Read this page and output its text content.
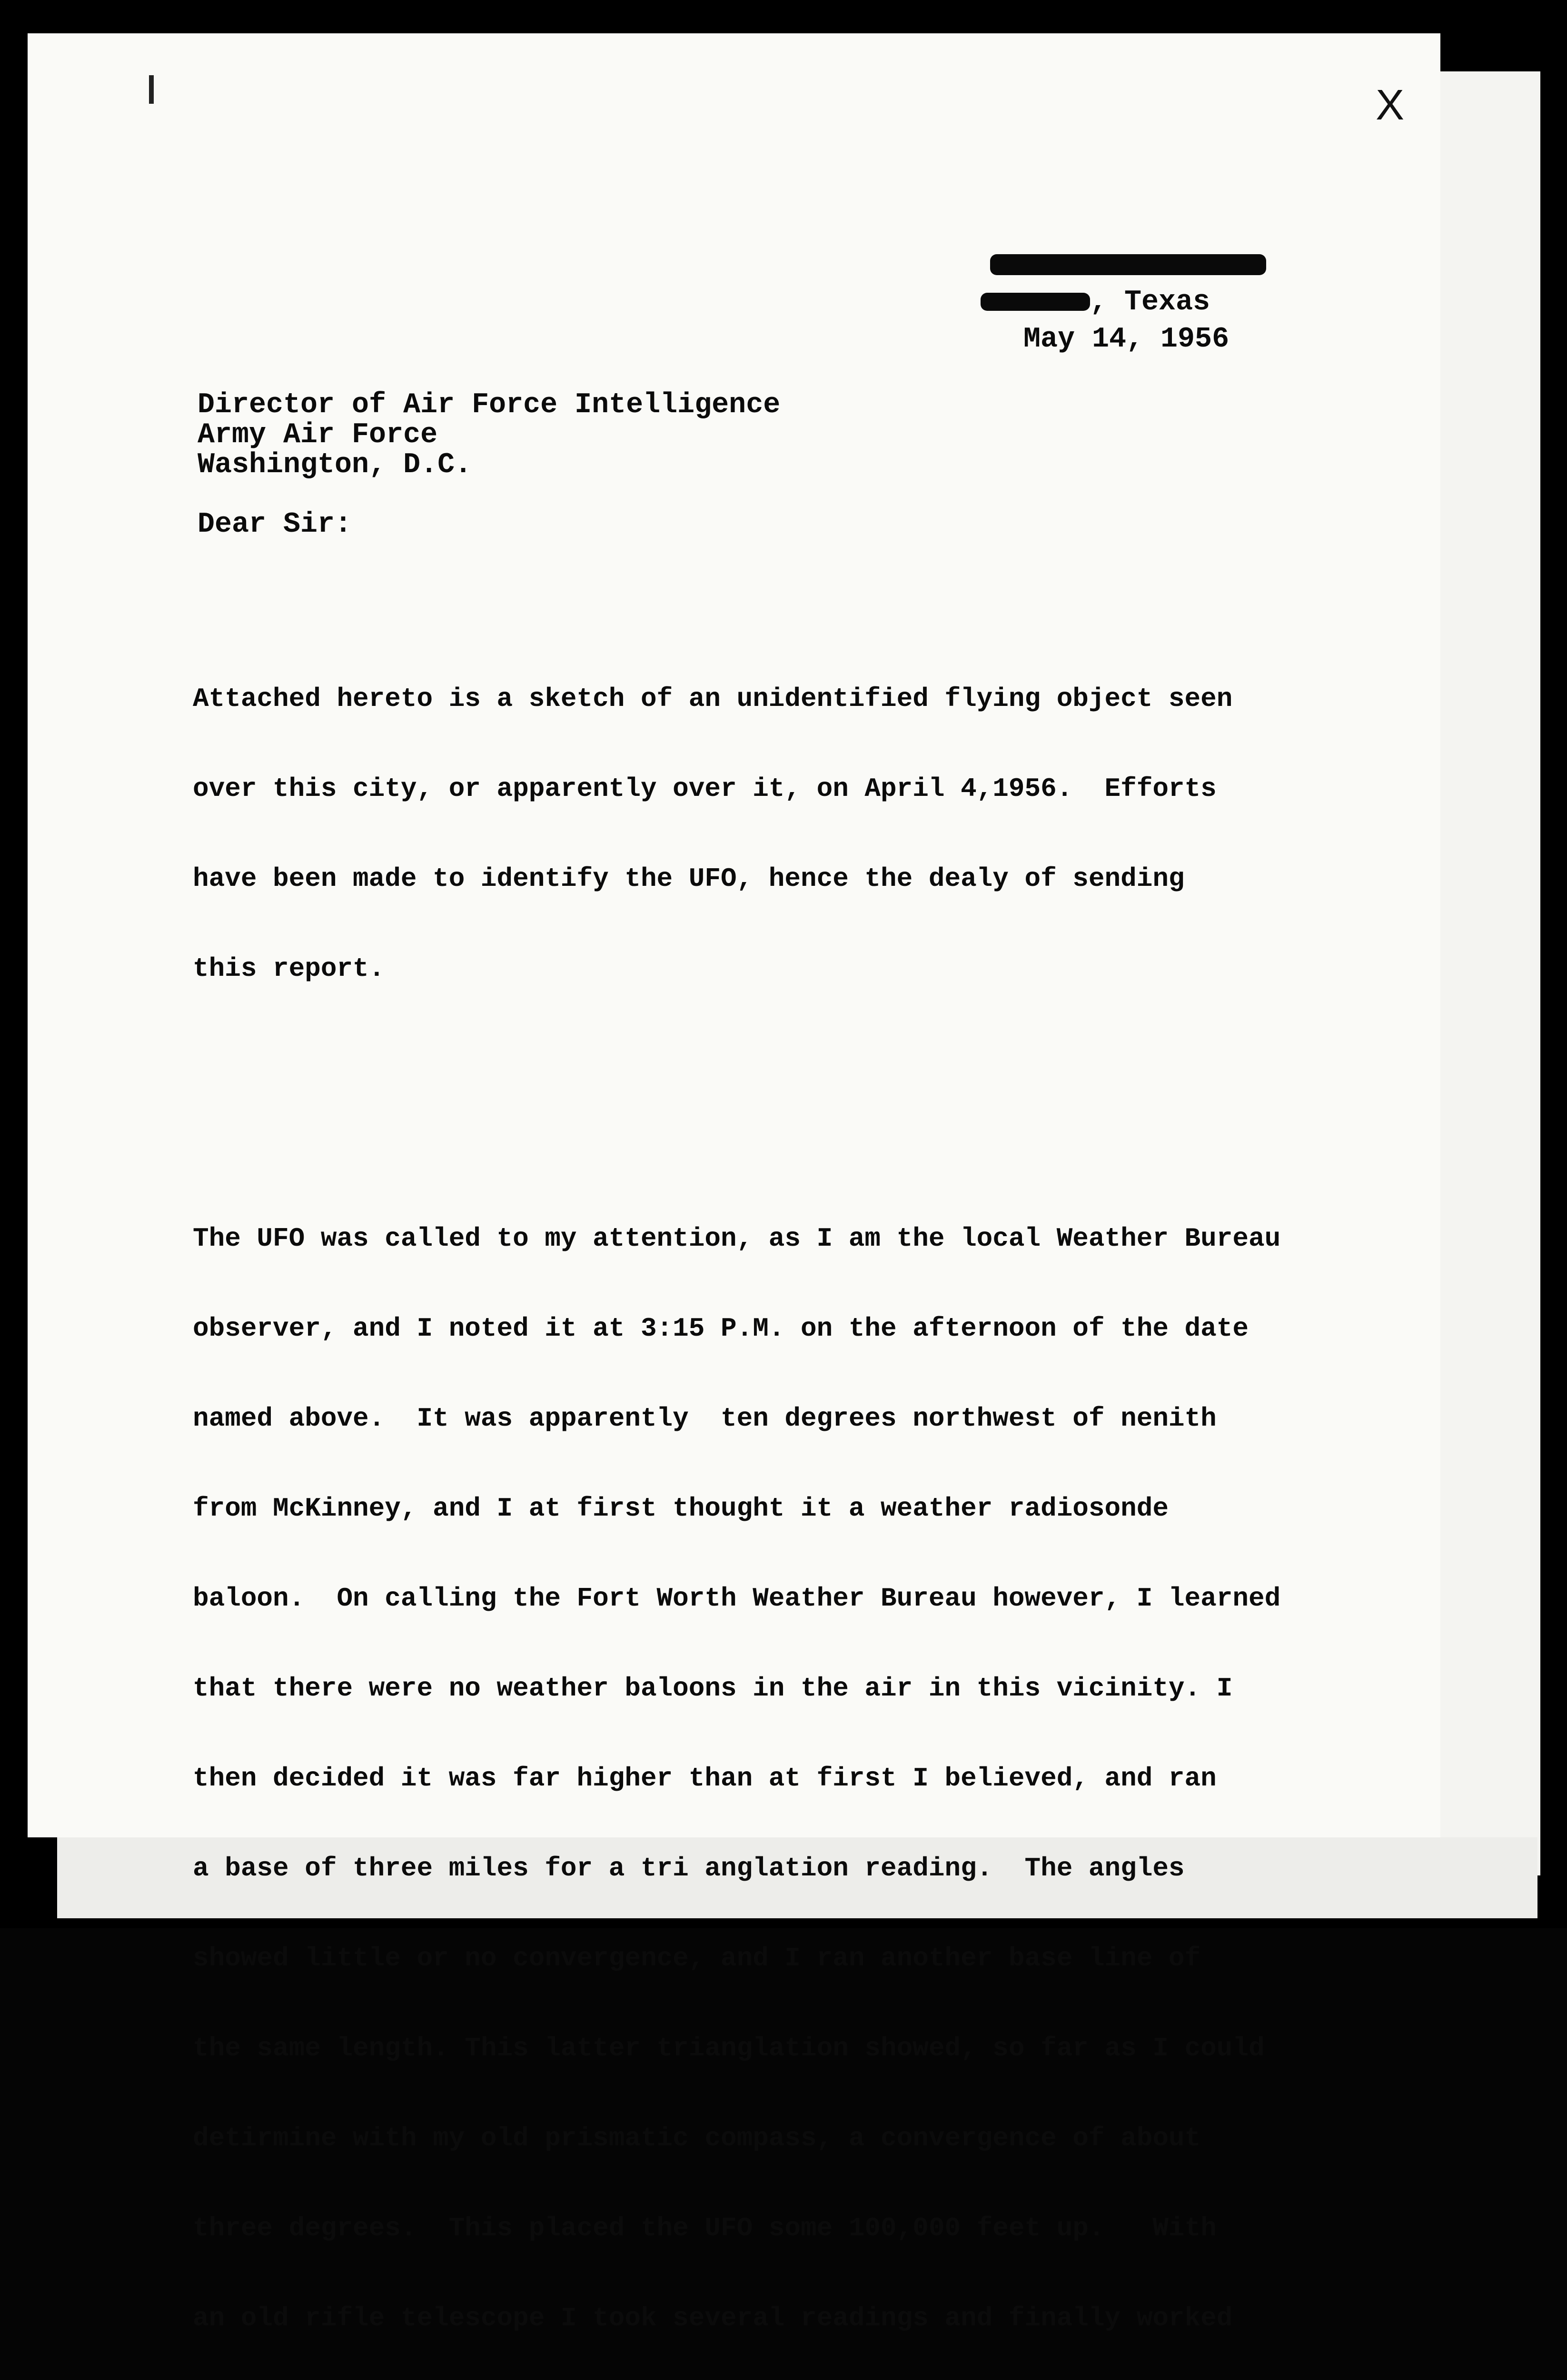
X
, Texas
May 14, 1956
Director of Air Force Intelligence
Army Air Force
Washington, D.C.
Dear Sir:

Attached hereto is a sketch of an unidentified flying object seen

over this city, or apparently over it, on April 4,1956.  Efforts

have been made to identify the UFO, hence the dealy of sending

this report.

The UFO was called to my attention, as I am the local Weather Bureau

observer, and I noted it at 3:15 P.M. on the afternoon of the date

named above.  It was apparently  ten degrees northwest of nenith

from McKinney, and I at first thought it a weather radiosonde

baloon.  On calling the Fort Worth Weather Bureau however, I learned

that there were no weather baloons in the air in this vicinity. I

then decided it was far higher than at first I believed, and ran

a base of three miles for a tri anglation reading.  The angles

showed little or no convergence, and I ran another base line of

the same length. This latter trianglation showed, so far as I could

detirmine with my old prismatic compass, a convergence of about

three degrees.  This placed the UFO some 100,000 feet up.   With

an old rifle telescope I took several readings and finally worked
